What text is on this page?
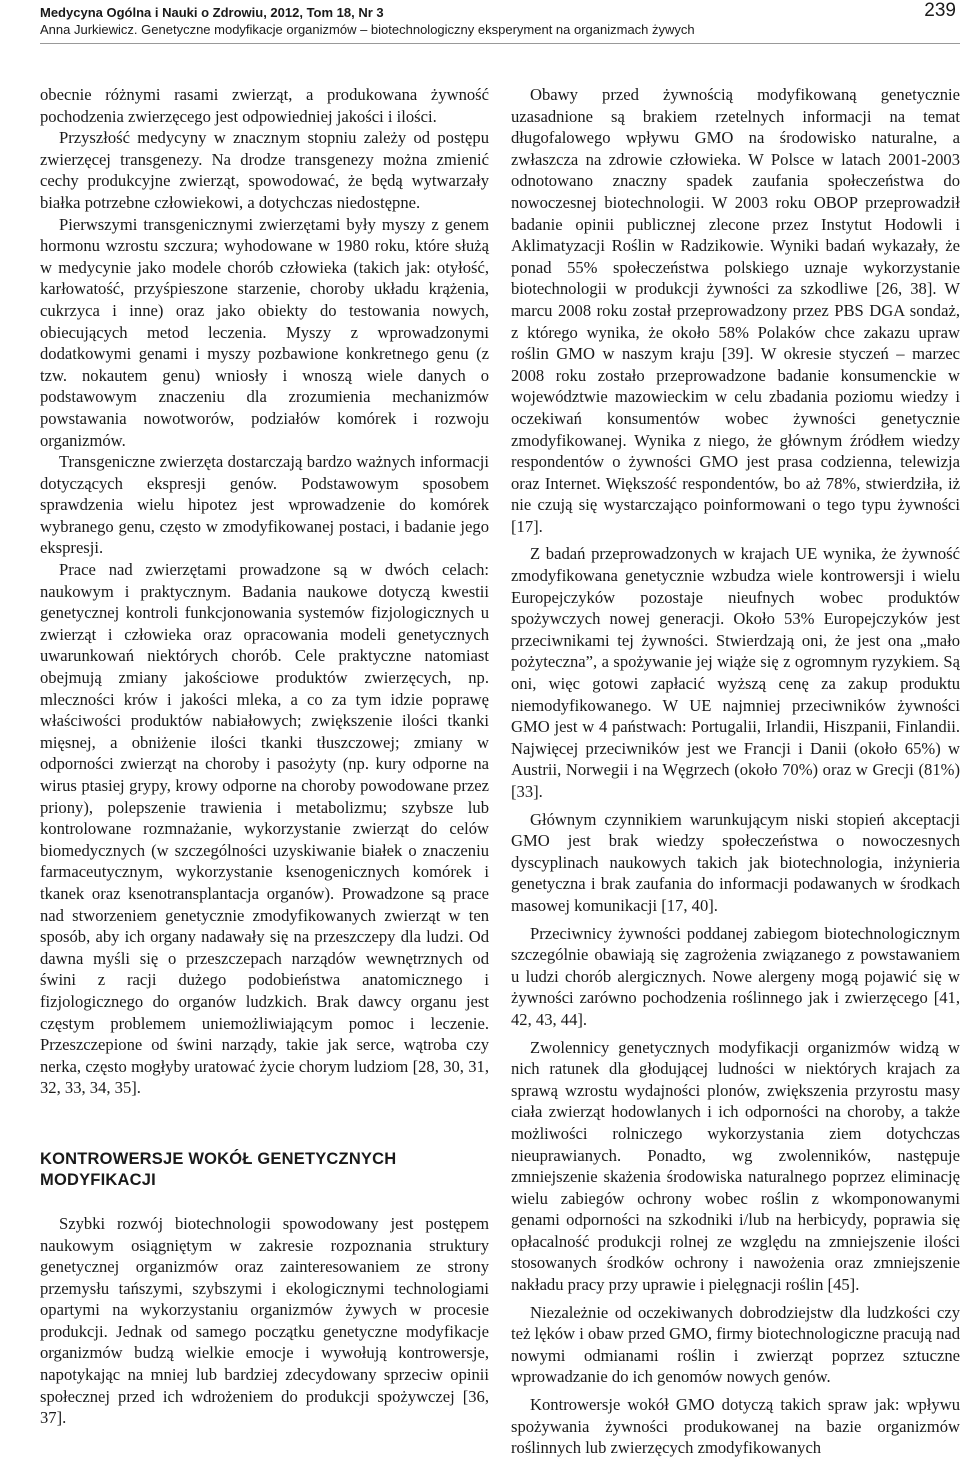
Medycyna Ogólna i Nauki o Zdrowiu, 2012, Tom 18, Nr 3
Anna Jurkiewicz. Genetyczne modyfikacje organizmów – biotechnologiczny eksperyment na organizmach żywych
239

obecnie różnymi rasami zwierząt, a produkowana żywność pochodzenia zwierzęcego jest odpowiedniej jakości i ilości.

Przyszłość medycyny w znacznym stopniu zależy od postępu zwierzęcej transgenezy. Na drodze transgenezy można zmienić cechy produkcyjne zwierząt, spowodować, że będą wytwarzały białka potrzebne człowiekowi, a dotychczas niedostępne.

Pierwszymi transgenicznymi zwierzętami były myszy z genem hormonu wzrostu szczura; wyhodowane w 1980 roku, które służą w medycynie jako modele chorób człowieka (takich jak: otyłość, karłowatość, przyśpieszone starzenie, choroby układu krążenia, cukrzyca i inne) oraz jako obiekty do testowania nowych, obiecujących metod leczenia. Myszy z wprowadzonymi dodatkowymi genami i myszy pozbawione konkretnego genu (z tzw. nokautem genu) wniosły i wnoszą wiele danych o podstawowym znaczeniu dla zrozumienia mechanizmów powstawania nowotworów, podziałów komórek i rozwoju organizmów.

Transgeniczne zwierzęta dostarczają bardzo ważnych informacji dotyczących ekspresji genów. Podstawowym sposobem sprawdzenia wielu hipotez jest wprowadzenie do komórek wybranego genu, często w zmodyfikowanej postaci, i badanie jego ekspresji.

Prace nad zwierzętami prowadzone są w dwóch celach: naukowym i praktycznym. Badania naukowe dotyczą kwestii genetycznej kontroli funkcjonowania systemów fizjologicznych u zwierząt i człowieka oraz opracowania modeli genetycznych uwarunkowań niektórych chorób. Cele praktyczne natomiast obejmują zmiany jakościowe produktów zwierzęcych, np. mleczności krów i jakości mleka, a co za tym idzie poprawę właściwości produktów nabiałowych; zwiększenie ilości tkanki mięsnej, a obniżenie ilości tkanki tłuszczowej; zmiany w odporności zwierząt na choroby i pasożyty (np. kury odporne na wirus ptasiej grypy, krowy odporne na choroby powodowane przez priony), polepszenie trawienia i metabolizmu; szybsze lub kontrolowane rozmnażanie, wykorzystanie zwierząt do celów biomedycznych (w szczególności uzyskiwanie białek o znaczeniu farmaceutycznym, wykorzystanie ksenogenicznych komórek i tkanek oraz ksenotransplantacja organów). Prowadzone są prace nad stworzeniem genetycznie zmodyfikowanych zwierząt w ten sposób, aby ich organy nadawały się na przeszczepy dla ludzi. Od dawna myśli się o przeszczepach narządów wewnętrznych od świni z racji dużego podobieństwa anatomicznego i fizjologicznego do organów ludzkich. Brak dawcy organu jest częstym problemem uniemożliwiającym pomoc i leczenie. Przeszczepione od świni narządy, takie jak serce, wątroba czy nerka, często mogłyby uratować życie chorym ludziom [28, 30, 31, 32, 33, 34, 35].

KONTROWERSJE WOKÓŁ GENETYCZNYCH MODYFIKACJI

Szybki rozwój biotechnologii spowodowany jest postępem naukowym osiągniętym w zakresie rozpoznania struktury genetycznej organizmów oraz zainteresowaniem ze strony przemysłu tańszymi, szybszymi i ekologicznymi technologiami opartymi na wykorzystaniu organizmów żywych w procesie produkcji. Jednak od samego początku genetyczne modyfikacje organizmów budzą wielkie emocje i wywołują kontrowersje, napotykając na mniej lub bardziej zdecydowany sprzeciw opinii społecznej przed ich wdrożeniem do produkcji spożywczej [36, 37].

Obawy przed żywnością modyfikowaną genetycznie uzasadnione są brakiem rzetelnych informacji na temat długofalowego wpływu GMO na środowisko naturalne, a zwłaszcza na zdrowie człowieka. W Polsce w latach 2001-2003 odnotowano znaczny spadek zaufania społeczeństwa do nowoczesnej biotechnologii. W 2003 roku OBOP przeprowadził badanie opinii publicznej zlecone przez Instytut Hodowli i Aklimatyzacji Roślin w Radzikowie. Wyniki badań wykazały, że ponad 55% społeczeństwa polskiego uznaje wykorzystanie biotechnologii w produkcji żywności za szkodliwe [26, 38]. W marcu 2008 roku został przeprowadzony przez PBS DGA sondaż, z którego wynika, że około 58% Polaków chce zakazu upraw roślin GMO w naszym kraju [39]. W okresie styczeń – marzec 2008 roku zostało przeprowadzone badanie konsumenckie w województwie mazowieckim w celu zbadania poziomu wiedzy i oczekiwań konsumentów wobec żywności genetycznie zmodyfikowanej. Wynika z niego, że głównym źródłem wiedzy respondentów o żywności GMO jest prasa codzienna, telewizja oraz Internet. Większość respondentów, bo aż 78%, stwierdziła, iż nie czują się wystarczająco poinformowani o tego typu żywności [17].

Z badań przeprowadzonych w krajach UE wynika, że żywność zmodyfikowana genetycznie wzbudza wiele kontrowersji i wielu Europejczyków pozostaje nieufnych wobec produktów spożywczych nowej generacji. Około 53% Europejczyków jest przeciwnikami tej żywności. Stwierdzają oni, że jest ona „mało pożyteczna”, a spożywanie jej wiąże się z ogromnym ryzykiem. Są oni, więc gotowi zapłacić wyższą cenę za zakup produktu niemodyfikowanego. W UE najmniej przeciwników żywności GMO jest w 4 państwach: Portugalii, Irlandii, Hiszpanii, Finlandii. Najwięcej przeciwników jest we Francji i Danii (około 65%) w Austrii, Norwegii i na Węgrzech (około 70%) oraz w Grecji (81%) [33].

Głównym czynnikiem warunkującym niski stopień akceptacji GMO jest brak wiedzy społeczeństwa o nowoczesnych dyscyplinach naukowych takich jak biotechnologia, inżynieria genetyczna i brak zaufania do informacji podawanych w środkach masowej komunikacji [17, 40].

Przeciwnicy żywności poddanej zabiegom biotechnologicznym szczególnie obawiają się zagrożenia związanego z powstawaniem u ludzi chorób alergicznych. Nowe alergeny mogą pojawić się w żywności zarówno pochodzenia roślinnego jak i zwierzęcego [41, 42, 43, 44].

Zwolennicy genetycznych modyfikacji organizmów widzą w nich ratunek dla głodującej ludności w niektórych krajach za sprawą wzrostu wydajności plonów, zwiększenia przyrostu masy ciała zwierząt hodowlanych i ich odporności na choroby, a także możliwości rolniczego wykorzystania ziem dotychczas nieuprawianych. Ponadto, wg zwolenników, następuje zmniejszenie skażenia środowiska naturalnego poprzez eliminację wielu zabiegów ochrony wobec roślin z wkomponowanymi genami odporności na szkodniki i/lub na herbicydy, poprawia się opłacalność produkcji rolnej ze względu na zmniejszenie ilości stosowanych środków ochrony i nawożenia oraz zmniejszenie nakładu pracy przy uprawie i pielęgnacji roślin [45].

Niezależnie od oczekiwanych dobrodziejstw dla ludzkości czy też lęków i obaw przed GMO, firmy biotechnologiczne pracują nad nowymi odmianami roślin i zwierząt poprzez sztuczne wprowadzanie do ich genomów nowych genów.

Kontrowersje wokół GMO dotyczą takich spraw jak: wpływu spożywania żywności produkowanej na bazie organizmów roślinnych lub zwierzęcych zmodyfikowanych
